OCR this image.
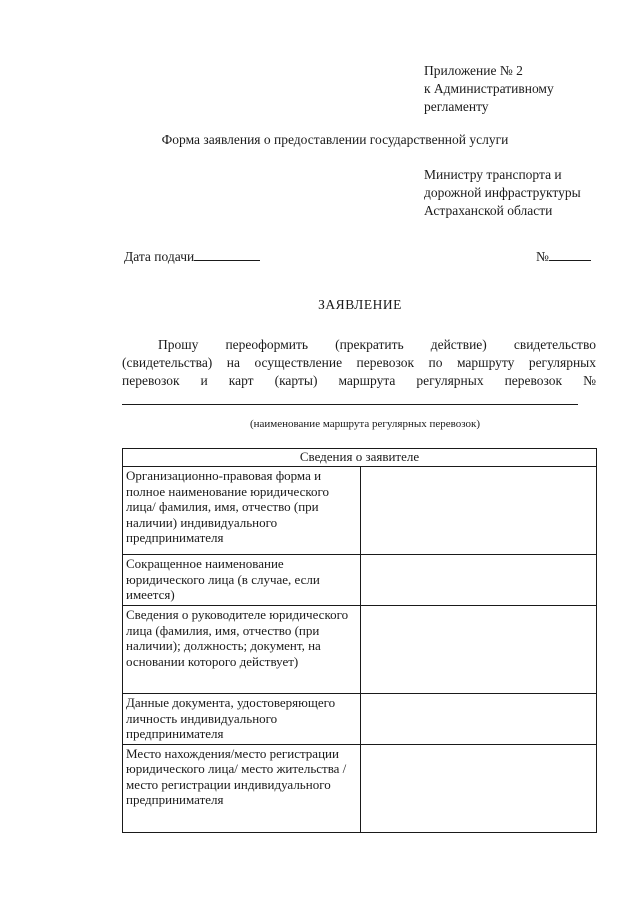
Приложение № 2
к Административному
регламенту
Форма заявления о предоставлении государственной услуги
Министру транспорта и
дорожной инфраструктуры
Астраханской области
Дата подачи	№
ЗАЯВЛЕНИЕ
Прошу переоформить (прекратить действие) свидетельство
(свидетельства) на осуществление перевозок по маршруту регулярных
перевозок и карт (карты) маршрута регулярных перевозок №
(наименование маршрута регулярных перевозок)
Сведения о заявителе	
Организационно-правовая форма и полное наименование юридического лица/ фамилия, имя, отчество (при наличии) индивидуального предпринимателя	
Сокращенное наименование юридического лица (в случае, если имеется)	
Сведения о руководителе юридического лица (фамилия, имя, отчество (при наличии); должность; документ, на основании которого действует)	
Данные документа, удостоверяющего личность индивидуального предпринимателя	
Место нахождения/место регистрации юридического лица/ место жительства /место регистрации индивидуального предпринимателя	
